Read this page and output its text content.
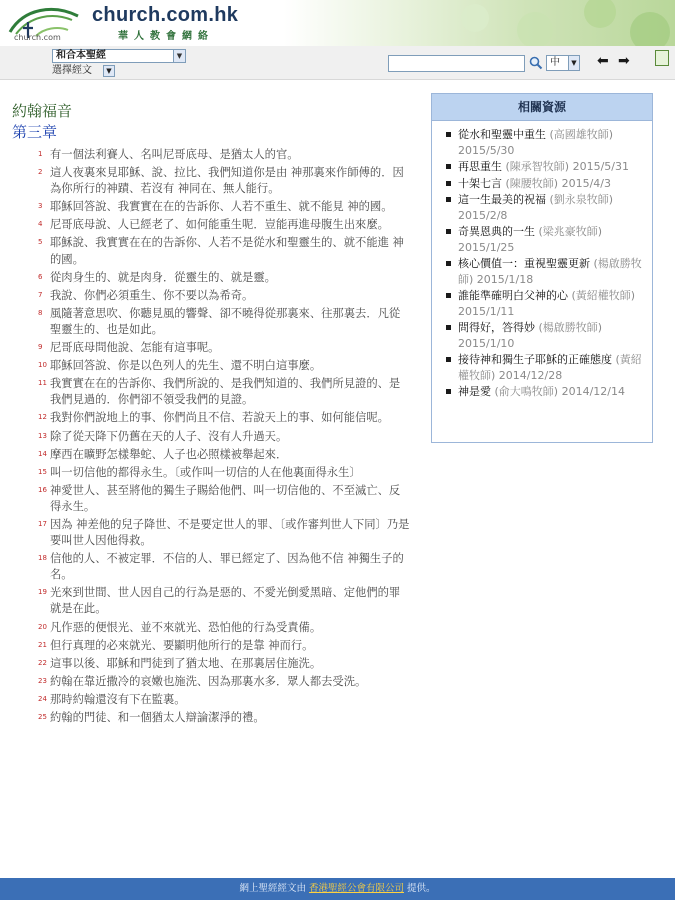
church.com
church.com.hk
華人教會網絡
和合本聖經	▼
選擇經文	▼
中	▼ ⬅ ➡
約翰福音
第三章
1 有一個法利賽人、名叫尼哥底母、是猶太人的官。
2 這人夜裏來見耶穌、說、拉比、我們知道你是由 神那裏來作師傅的．因為你所行的神蹟、若沒有 神同在、無人能行。
3 耶穌回答說、我實實在在的告訴你、人若不重生、就不能見 神的國。
4 尼哥底母說、人已經老了、如何能重生呢．豈能再進母腹生出來麼。
5 耶穌說、我實實在在的告訴你、人若不是從水和聖靈生的、就不能進 神的國。
6 從肉身生的、就是肉身．從靈生的、就是靈。
7 我說、你們必須重生、你不要以為希奇。
8 風隨著意思吹、你聽見風的響聲、卻不曉得從那裏來、往那裏去．凡從聖靈生的、也是如此。
9 尼哥底母問他說、怎能有這事呢。
10 耶穌回答說、你是以色列人的先生、還不明白這事麼。
11 我實實在在的告訴你、我們所說的、是我們知道的、我們所見證的、是我們見過的．你們卻不領受我們的見證。
12 我對你們說地上的事、你們尚且不信、若說天上的事、如何能信呢。
13 除了從天降下仍舊在天的人子、沒有人升過天。
14 摩西在曠野怎樣舉蛇、人子也必照樣被舉起來．
15 叫一切信他的都得永生。〔或作叫一切信的人在他裏面得永生〕
16 神愛世人、甚至將他的獨生子賜給他們、叫一切信他的、不至滅亡、反得永生。
17 因為 神差他的兒子降世、不是要定世人的罪、〔或作審判世人下同〕乃是要叫世人因他得救。
18 信他的人、不被定罪．不信的人、罪已經定了、因為他不信 神獨生子的名。
19 光來到世間、世人因自己的行為是惡的、不愛光倒愛黑暗、定他們的罪就是在此。
20 凡作惡的便恨光、並不來就光、恐怕他的行為受責備。
21 但行真理的必來就光、要顯明他所行的是靠 神而行。
22 這事以後、耶穌和門徒到了猶太地、在那裏居住施洗。
23 約翰在靠近撒冷的哀嫩也施洗、因為那裏水多．眾人都去受洗。
24 那時約翰還沒有下在監裏。
25 約翰的門徒、和一個猶太人辯論潔淨的禮。
相關資源
從水和聖靈中重生 (高國雄牧師) 2015/5/30
再思重生 (陳承智牧師) 2015/5/31
十架七言 (陳腰牧師) 2015/4/3
這一生最美的祝福 (劉永泉牧師) 2015/2/8
奇異恩典的一生 (梁兆豪牧師) 2015/1/25
核心價值一：重視聖靈更新 (楊啟勝牧師) 2015/1/18
誰能準確明白父神的心 (黃紹權牧師) 2015/1/11
問得好，答得妙 (楊啟勝牧師) 2015/1/10
接待神和獨生子耶穌的正確態度 (黃紹權牧師) 2014/12/28
神是愛 (俞大鳴牧師) 2014/12/14
網上聖經經文由 香港聖經公會有限公司 提供。
